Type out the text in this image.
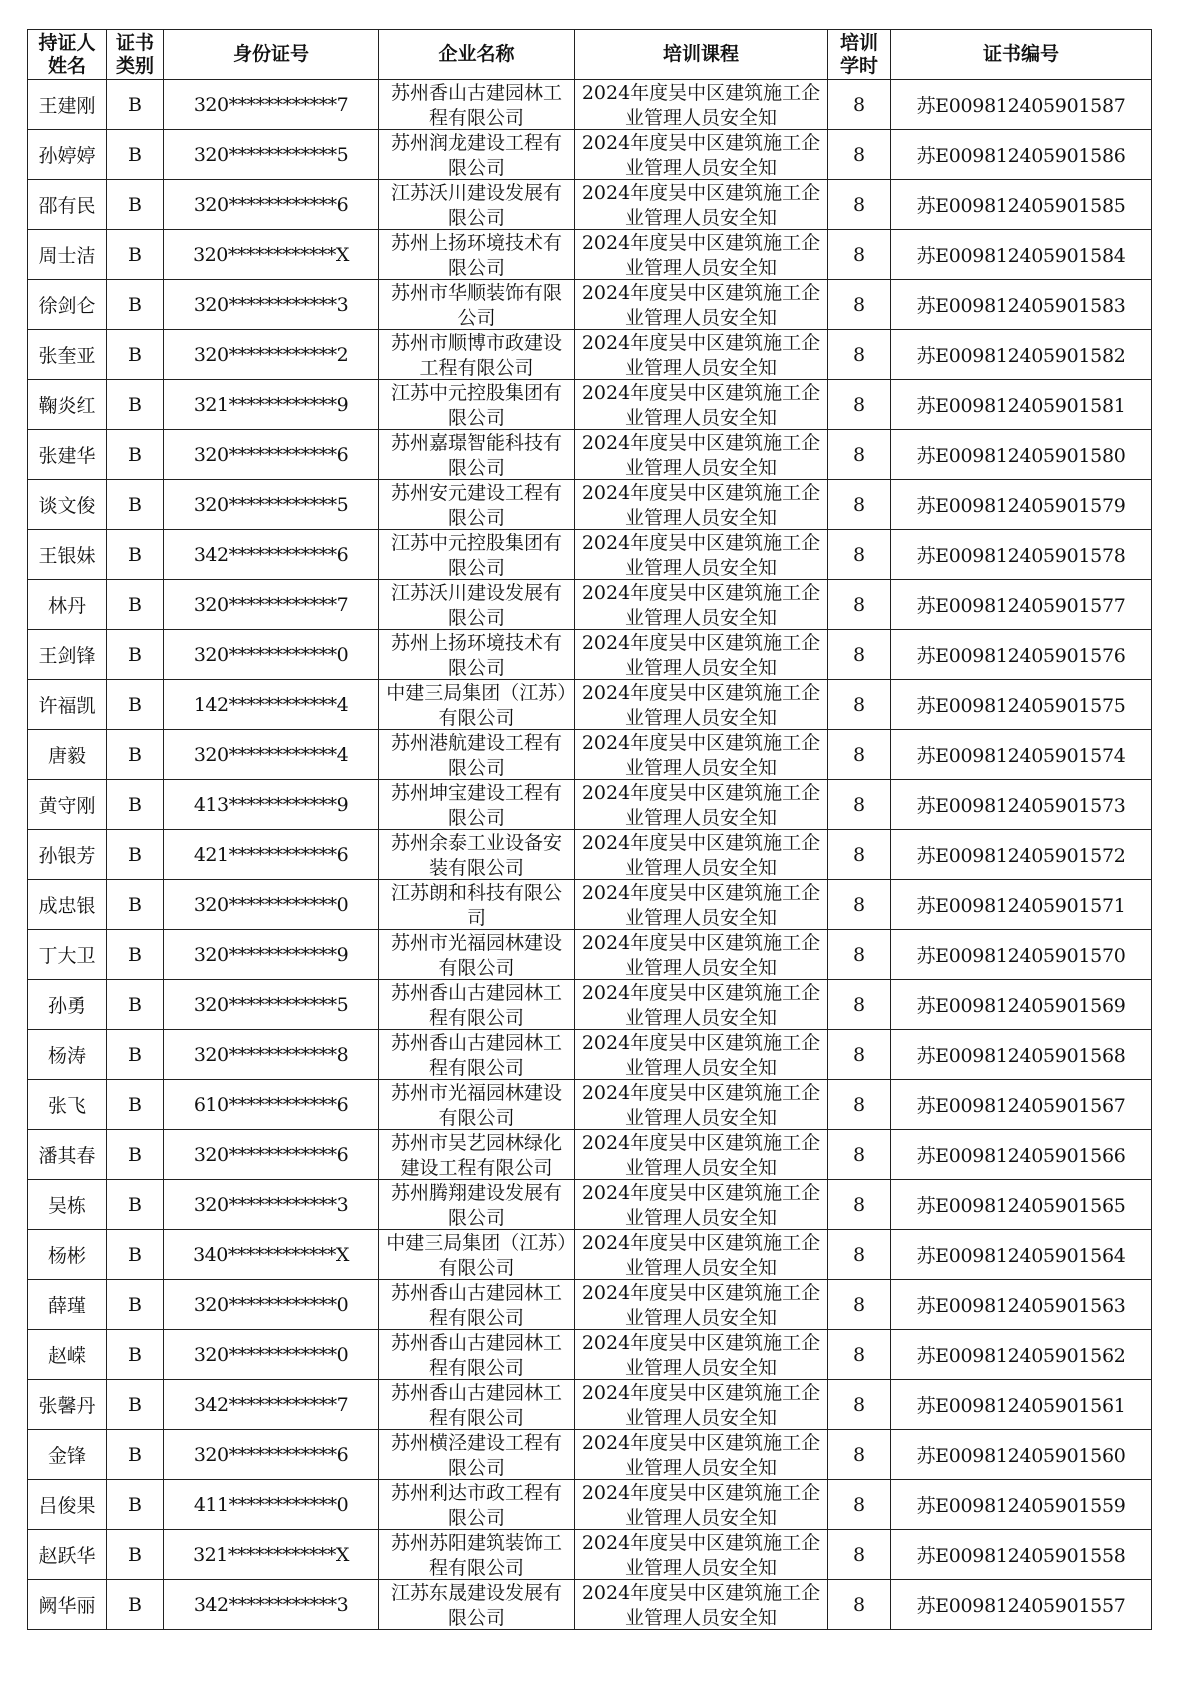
持证人姓名	证书类别	身份证号	企业名称	培训课程	培训学时	证书编号
王建刚	B	320************7	苏州香山古建园林工程有限公司	2024年度吴中区建筑施工企业管理人员安全知	8	苏E009812405901587
孙婷婷	B	320************5	苏州润龙建设工程有限公司	2024年度吴中区建筑施工企业管理人员安全知	8	苏E009812405901586
邵有民	B	320************6	江苏沃川建设发展有限公司	2024年度吴中区建筑施工企业管理人员安全知	8	苏E009812405901585
周士洁	B	320************X	苏州上扬环境技术有限公司	2024年度吴中区建筑施工企业管理人员安全知	8	苏E009812405901584
徐剑仑	B	320************3	苏州市华顺装饰有限公司	2024年度吴中区建筑施工企业管理人员安全知	8	苏E009812405901583
张奎亚	B	320************2	苏州市顺博市政建设工程有限公司	2024年度吴中区建筑施工企业管理人员安全知	8	苏E009812405901582
鞠炎红	B	321************9	江苏中元控股集团有限公司	2024年度吴中区建筑施工企业管理人员安全知	8	苏E009812405901581
张建华	B	320************6	苏州嘉璟智能科技有限公司	2024年度吴中区建筑施工企业管理人员安全知	8	苏E009812405901580
谈文俊	B	320************5	苏州安元建设工程有限公司	2024年度吴中区建筑施工企业管理人员安全知	8	苏E009812405901579
王银妹	B	342************6	江苏中元控股集团有限公司	2024年度吴中区建筑施工企业管理人员安全知	8	苏E009812405901578
林丹	B	320************7	江苏沃川建设发展有限公司	2024年度吴中区建筑施工企业管理人员安全知	8	苏E009812405901577
王剑锋	B	320************0	苏州上扬环境技术有限公司	2024年度吴中区建筑施工企业管理人员安全知	8	苏E009812405901576
许福凯	B	142************4	中建三局集团（江苏）有限公司	2024年度吴中区建筑施工企业管理人员安全知	8	苏E009812405901575
唐毅	B	320************4	苏州港航建设工程有限公司	2024年度吴中区建筑施工企业管理人员安全知	8	苏E009812405901574
黄守刚	B	413************9	苏州坤宝建设工程有限公司	2024年度吴中区建筑施工企业管理人员安全知	8	苏E009812405901573
孙银芳	B	421************6	苏州余泰工业设备安装有限公司	2024年度吴中区建筑施工企业管理人员安全知	8	苏E009812405901572
成忠银	B	320************0	江苏朗和科技有限公司	2024年度吴中区建筑施工企业管理人员安全知	8	苏E009812405901571
丁大卫	B	320************9	苏州市光福园林建设有限公司	2024年度吴中区建筑施工企业管理人员安全知	8	苏E009812405901570
孙勇	B	320************5	苏州香山古建园林工程有限公司	2024年度吴中区建筑施工企业管理人员安全知	8	苏E009812405901569
杨涛	B	320************8	苏州香山古建园林工程有限公司	2024年度吴中区建筑施工企业管理人员安全知	8	苏E009812405901568
张飞	B	610************6	苏州市光福园林建设有限公司	2024年度吴中区建筑施工企业管理人员安全知	8	苏E009812405901567
潘其春	B	320************6	苏州市吴艺园林绿化建设工程有限公司	2024年度吴中区建筑施工企业管理人员安全知	8	苏E009812405901566
吴栋	B	320************3	苏州腾翔建设发展有限公司	2024年度吴中区建筑施工企业管理人员安全知	8	苏E009812405901565
杨彬	B	340************X	中建三局集团（江苏）有限公司	2024年度吴中区建筑施工企业管理人员安全知	8	苏E009812405901564
薛瑾	B	320************0	苏州香山古建园林工程有限公司	2024年度吴中区建筑施工企业管理人员安全知	8	苏E009812405901563
赵嵘	B	320************0	苏州香山古建园林工程有限公司	2024年度吴中区建筑施工企业管理人员安全知	8	苏E009812405901562
张馨丹	B	342************7	苏州香山古建园林工程有限公司	2024年度吴中区建筑施工企业管理人员安全知	8	苏E009812405901561
金锋	B	320************6	苏州横泾建设工程有限公司	2024年度吴中区建筑施工企业管理人员安全知	8	苏E009812405901560
吕俊果	B	411************0	苏州利达市政工程有限公司	2024年度吴中区建筑施工企业管理人员安全知	8	苏E009812405901559
赵跃华	B	321************X	苏州苏阳建筑装饰工程有限公司	2024年度吴中区建筑施工企业管理人员安全知	8	苏E009812405901558
阙华丽	B	342************3	江苏东晟建设发展有限公司	2024年度吴中区建筑施工企业管理人员安全知	8	苏E009812405901557
